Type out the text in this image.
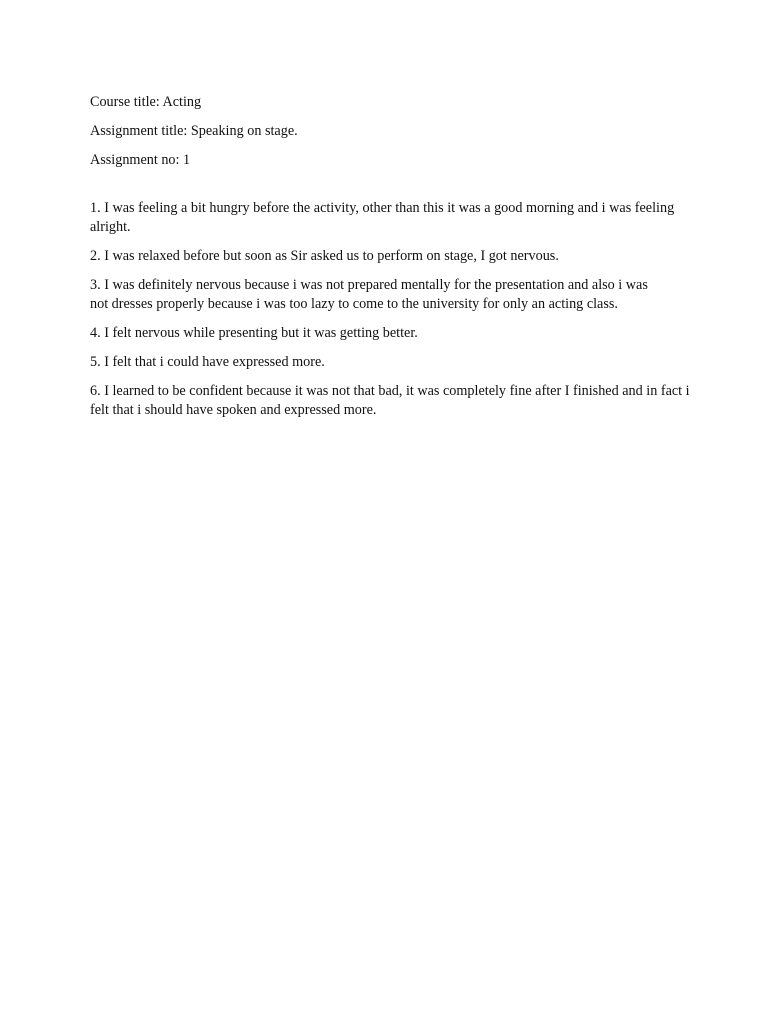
Course title: Acting

Assignment title: Speaking on stage.

Assignment no: 1

1. I was feeling a bit hungry before the activity, other than this it was a good morning and i was feeling alright.

2. I was relaxed before but soon as Sir asked us to perform on stage, I got nervous.

3. I was definitely nervous because i was not prepared mentally for the presentation and also i was not dresses properly because i was too lazy to come to the university for only an acting class.

4. I felt nervous while presenting but it was getting better.

5. I felt that i could have expressed more.

6. I learned to be confident because it was not that bad, it was completely fine after I finished and in fact i felt that i should have spoken and expressed more.
